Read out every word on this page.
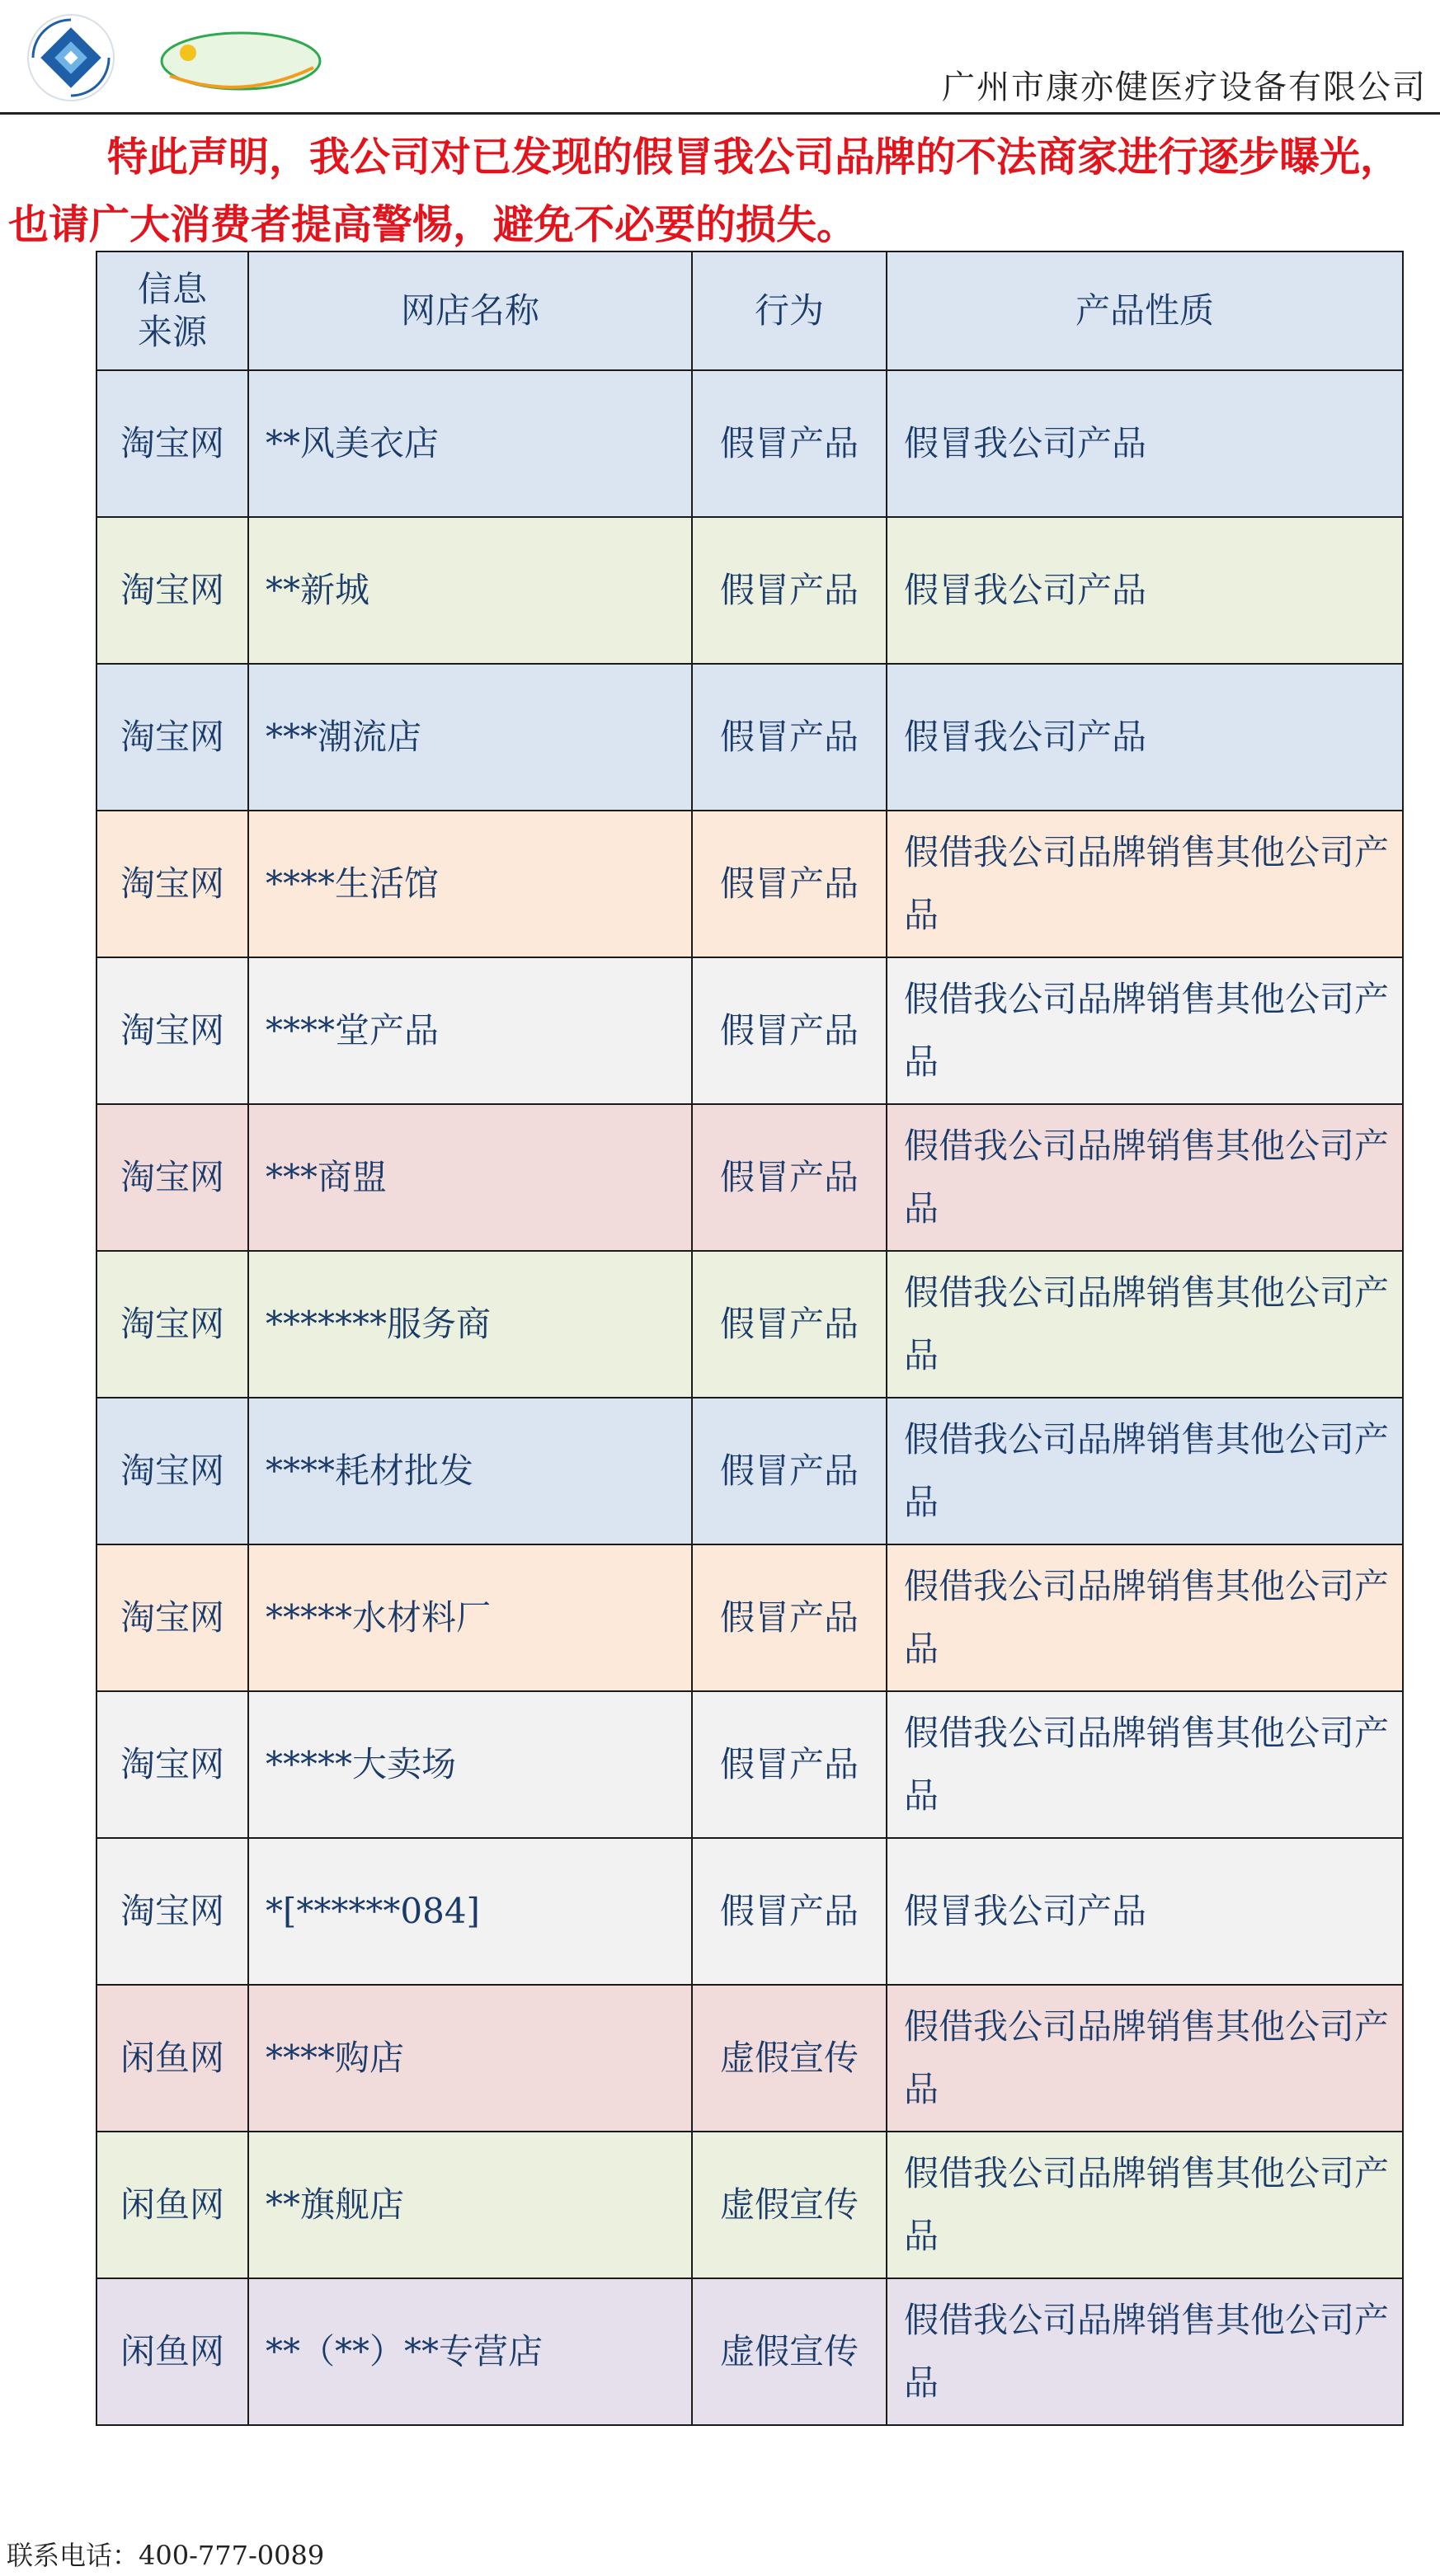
广州市康亦健医疗设备有限公司

特此声明，我公司对已发现的假冒我公司品牌的不法商家进行逐步曝光，也请广大消费者提高警惕，避免不必要的损失。

信息来源	网店名称	行为	产品性质
淘宝网	**风美衣店	假冒产品	假冒我公司产品
淘宝网	**新城	假冒产品	假冒我公司产品
淘宝网	***潮流店	假冒产品	假冒我公司产品
淘宝网	****生活馆	假冒产品	假借我公司品牌销售其他公司产品
淘宝网	****堂产品	假冒产品	假借我公司品牌销售其他公司产品
淘宝网	***商盟	假冒产品	假借我公司品牌销售其他公司产品
淘宝网	*******服务商	假冒产品	假借我公司品牌销售其他公司产品
淘宝网	****耗材批发	假冒产品	假借我公司品牌销售其他公司产品
淘宝网	*****水材料厂	假冒产品	假借我公司品牌销售其他公司产品
淘宝网	*****大卖场	假冒产品	假借我公司品牌销售其他公司产品
淘宝网	*[******084]	假冒产品	假冒我公司产品
闲鱼网	****购店	虚假宣传	假借我公司品牌销售其他公司产品
闲鱼网	**旗舰店	虚假宣传	假借我公司品牌销售其他公司产品
闲鱼网	**（**）**专营店	虚假宣传	假借我公司品牌销售其他公司产品
联系电话：400-777-0089
